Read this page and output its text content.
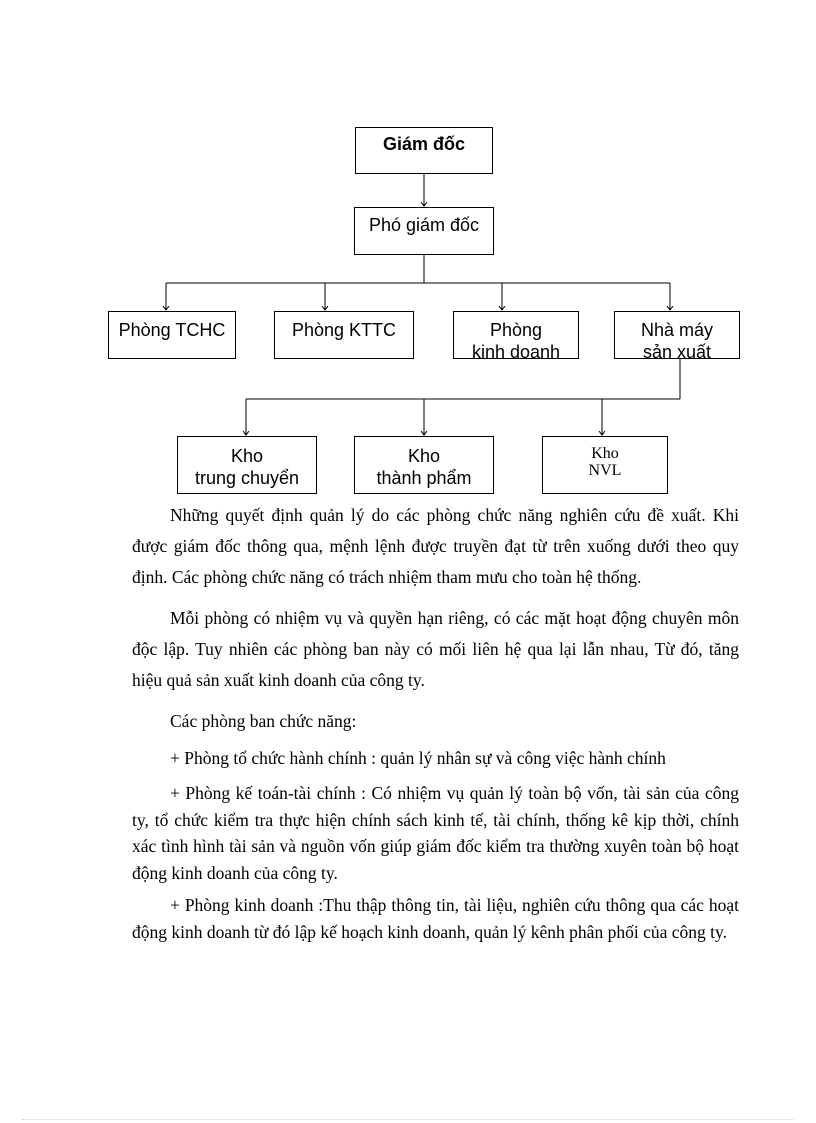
Giám đốc
Phó giám đốc
Phòng TCHC	Phòng KTTC	Phòng
kinh doanh
Nhà máy
sản xuất
Kho
trung chuyển
Kho
thành phẩm
Kho
NVL

Những quyết định quản lý do các phòng chức năng nghiên cứu đề xuất. Khi được giám đốc thông qua, mệnh lệnh được truyền đạt từ trên xuống dưới theo quy định. Các phòng chức năng có trách nhiệm tham mưu cho toàn hệ thống.

Mỗi phòng có nhiệm vụ và quyền hạn riêng, có các mặt hoạt động chuyên môn độc lập. Tuy nhiên các phòng ban này có mối liên hệ qua lại lẫn nhau, Từ đó, tăng hiệu quả sản xuất kinh doanh của công ty.

Các phòng ban chức năng:

+ Phòng tổ chức hành chính : quản lý nhân sự và công việc hành chính

+ Phòng kế toán-tài chính : Có nhiệm vụ quản lý toàn bộ vốn, tài sản của công ty, tổ chức kiểm tra thực hiện chính sách kinh tế, tài chính, thống kê kịp thời, chính xác tình hình tài sản và nguồn vốn giúp giám đốc kiểm tra thường xuyên toàn bộ hoạt động kinh doanh của công ty.

+ Phòng kinh doanh :Thu thập thông tin, tài liệu, nghiên cứu thông qua các hoạt động kinh doanh từ đó lập kế hoạch kinh doanh, quản lý kênh phân phối của công ty.
